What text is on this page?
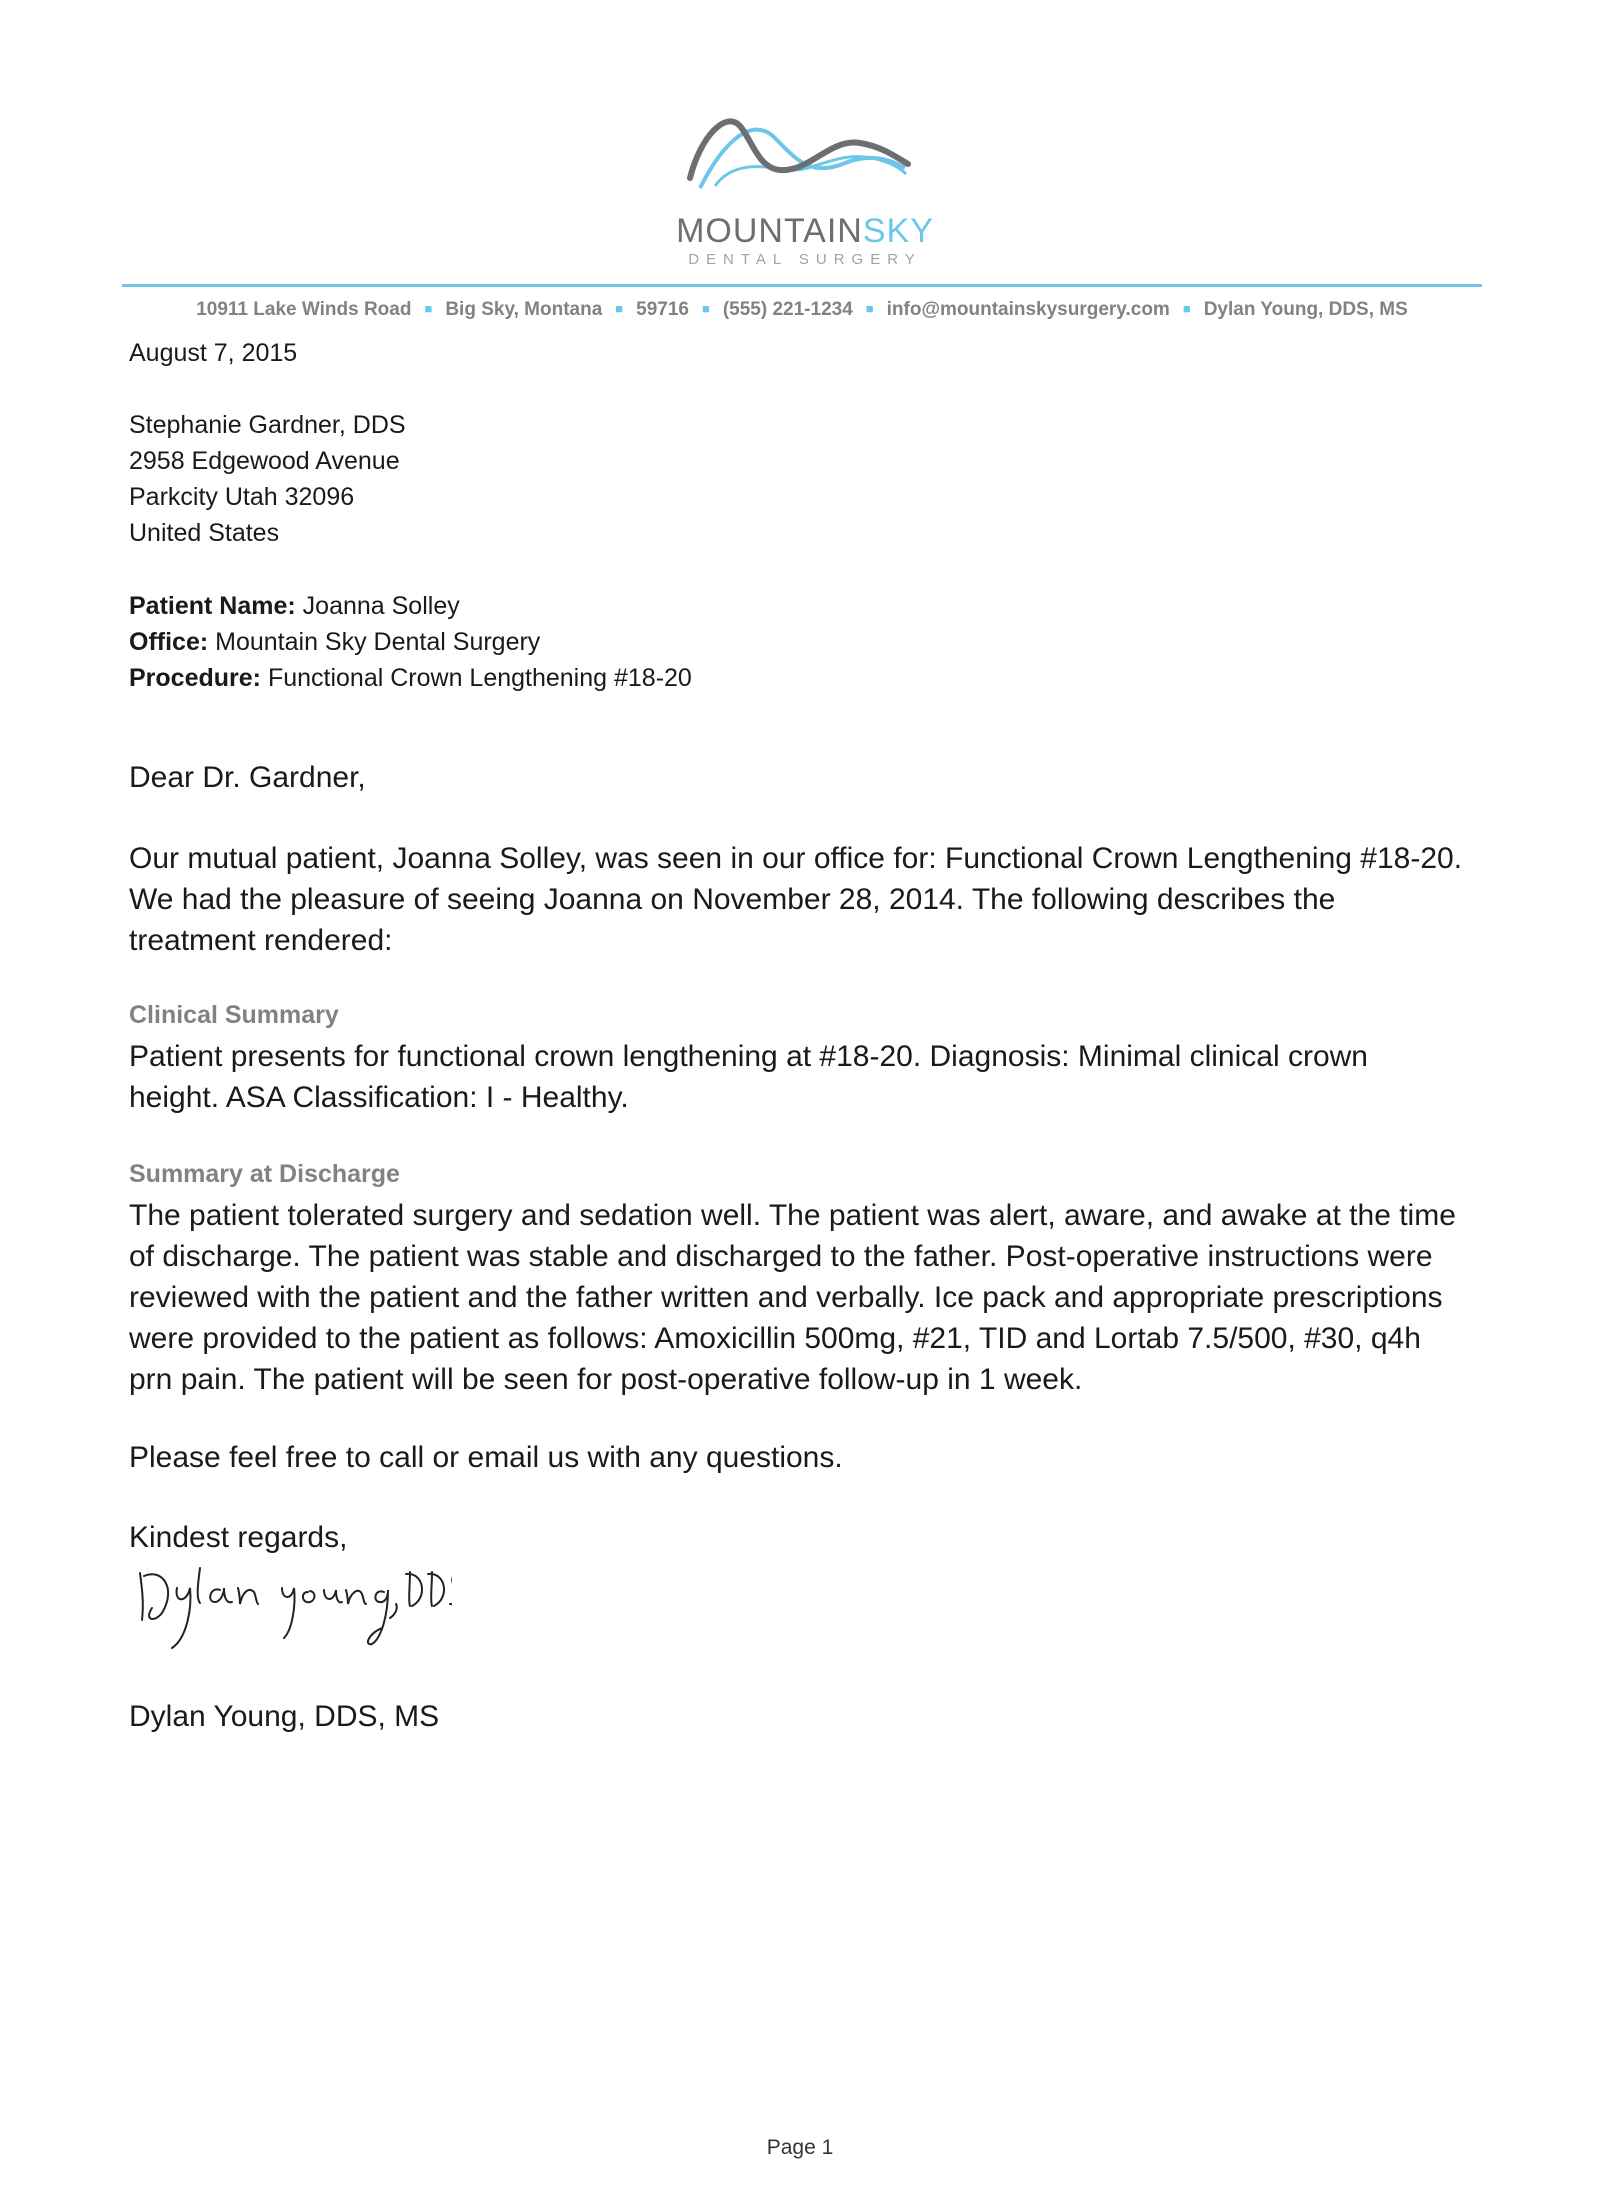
MOUNTAINSKY
DENTAL SURGERY
10911 Lake Winds Road ■ Big Sky, Montana ■ 59716 ■ (555) 221-1234 ■ info@mountainskysurgery.com ■ Dylan Young, DDS, MS
August 7, 2015
Stephanie Gardner, DDS
2958 Edgewood Avenue
Parkcity Utah 32096
United States
Patient Name: Joanna Solley
Office: Mountain Sky Dental Surgery
Procedure: Functional Crown Lengthening #18-20
Dear Dr. Gardner,
Our mutual patient, Joanna Solley, was seen in our office for: Functional Crown Lengthening #18-20.
We had the pleasure of seeing Joanna on November 28, 2014. The following describes the
treatment rendered:
Clinical Summary
Patient presents for functional crown lengthening at #18-20. Diagnosis: Minimal clinical crown
height. ASA Classification: I - Healthy.
Summary at Discharge
The patient tolerated surgery and sedation well. The patient was alert, aware, and awake at the time
of discharge. The patient was stable and discharged to the father. Post-operative instructions were
reviewed with the patient and the father written and verbally. Ice pack and appropriate prescriptions
were provided to the patient as follows: Amoxicillin 500mg, #21, TID and Lortab 7.5/500, #30, q4h
prn pain. The patient will be seen for post-operative follow-up in 1 week.
Please feel free to call or email us with any questions.
Kindest regards,
Dylan Young, DDS, MS
Page 1
